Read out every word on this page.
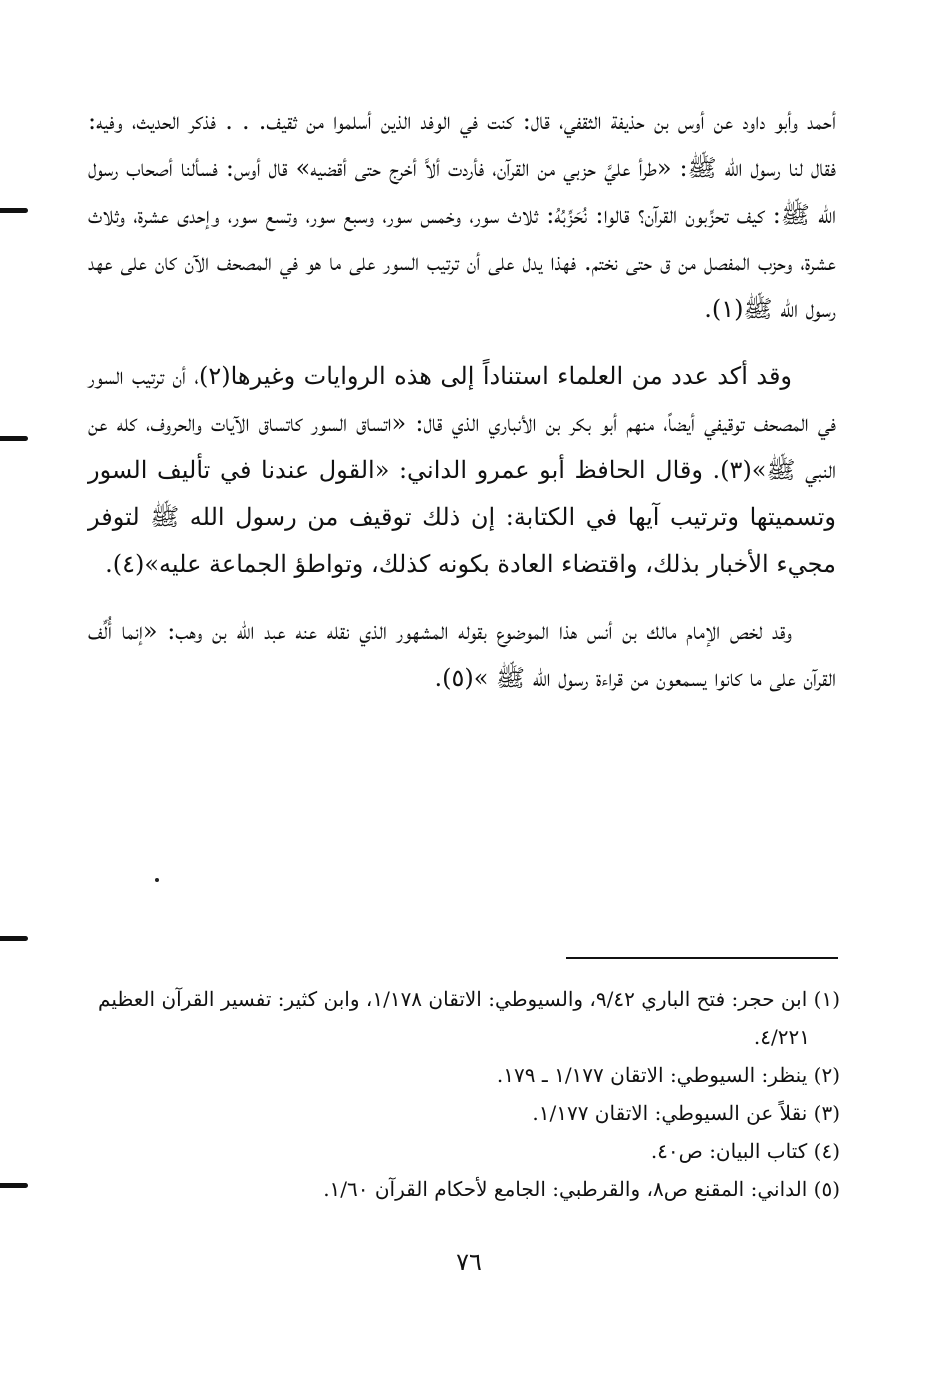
أحمد وأبو داود عن أوس بن حذيفة الثقفي، قال: كنت في الوفد الذين أسلموا من ثقيف. . . فذكر الحديث، وفيه: فقال لنا رسول الله ﷺ: «طرأ عليَّ حزبي من القرآن، فأردت ألاَّ أخرج حتى أقضيه» قال أوس: فسألنا أصحاب رسول الله ﷺ: كيف تحزِّبون القرآن؟ قالوا: نُحَزِّبُهُ: ثلاث سور، وخمس سور، وسبع سور، وتسع سور، وإحدى عشرة، وثلاث عشرة، وحزب المفصل من ق حتى نختم. فهذا يدل على أن ترتيب السور على ما هو في المصحف الآن كان على عهد رسول الله ﷺ(١).

وقد أكد عدد من العلماء استناداً إلى هذه الروايات وغيرها(٢)، أن ترتيب السور في المصحف توقيفي أيضاً، منهم أبو بكر بن الأنباري الذي قال: «اتساق السور كاتساق الآيات والحروف، كله عن النبي ﷺ»(٣). وقال الحافظ أبو عمرو الداني: «القول عندنا في تأليف السور وتسميتها وترتيب آيها في الكتابة: إن ذلك توقيف من رسول الله ﷺ لتوفر مجيء الأخبار بذلك، واقتضاء العادة بكونه كذلك، وتواطؤ الجماعة عليه»(٤).

وقد لخص الإمام مالك بن أنس هذا الموضوع بقوله المشهور الذي نقله عنه عبد الله بن وهب: «إنما أُلِّف القرآن على ما كانوا يسمعون من قراءة رسول الله ﷺ »(٥).

(١) ابن حجر: فتح الباري ٩/٤٢، والسيوطي: الاتقان ١/١٧٨، وابن كثير: تفسير القرآن العظيم ٤/٢٢١.

(٢) ينظر: السيوطي: الاتقان ١/١٧٧ ـ ١٧٩.

(٣) نقلاً عن السيوطي: الاتقان ١/١٧٧.

(٤) كتاب البيان: ص٤٠.

(٥) الداني: المقنع ص٨، والقرطبي: الجامع لأحكام القرآن ١/٦٠.

٧٦
